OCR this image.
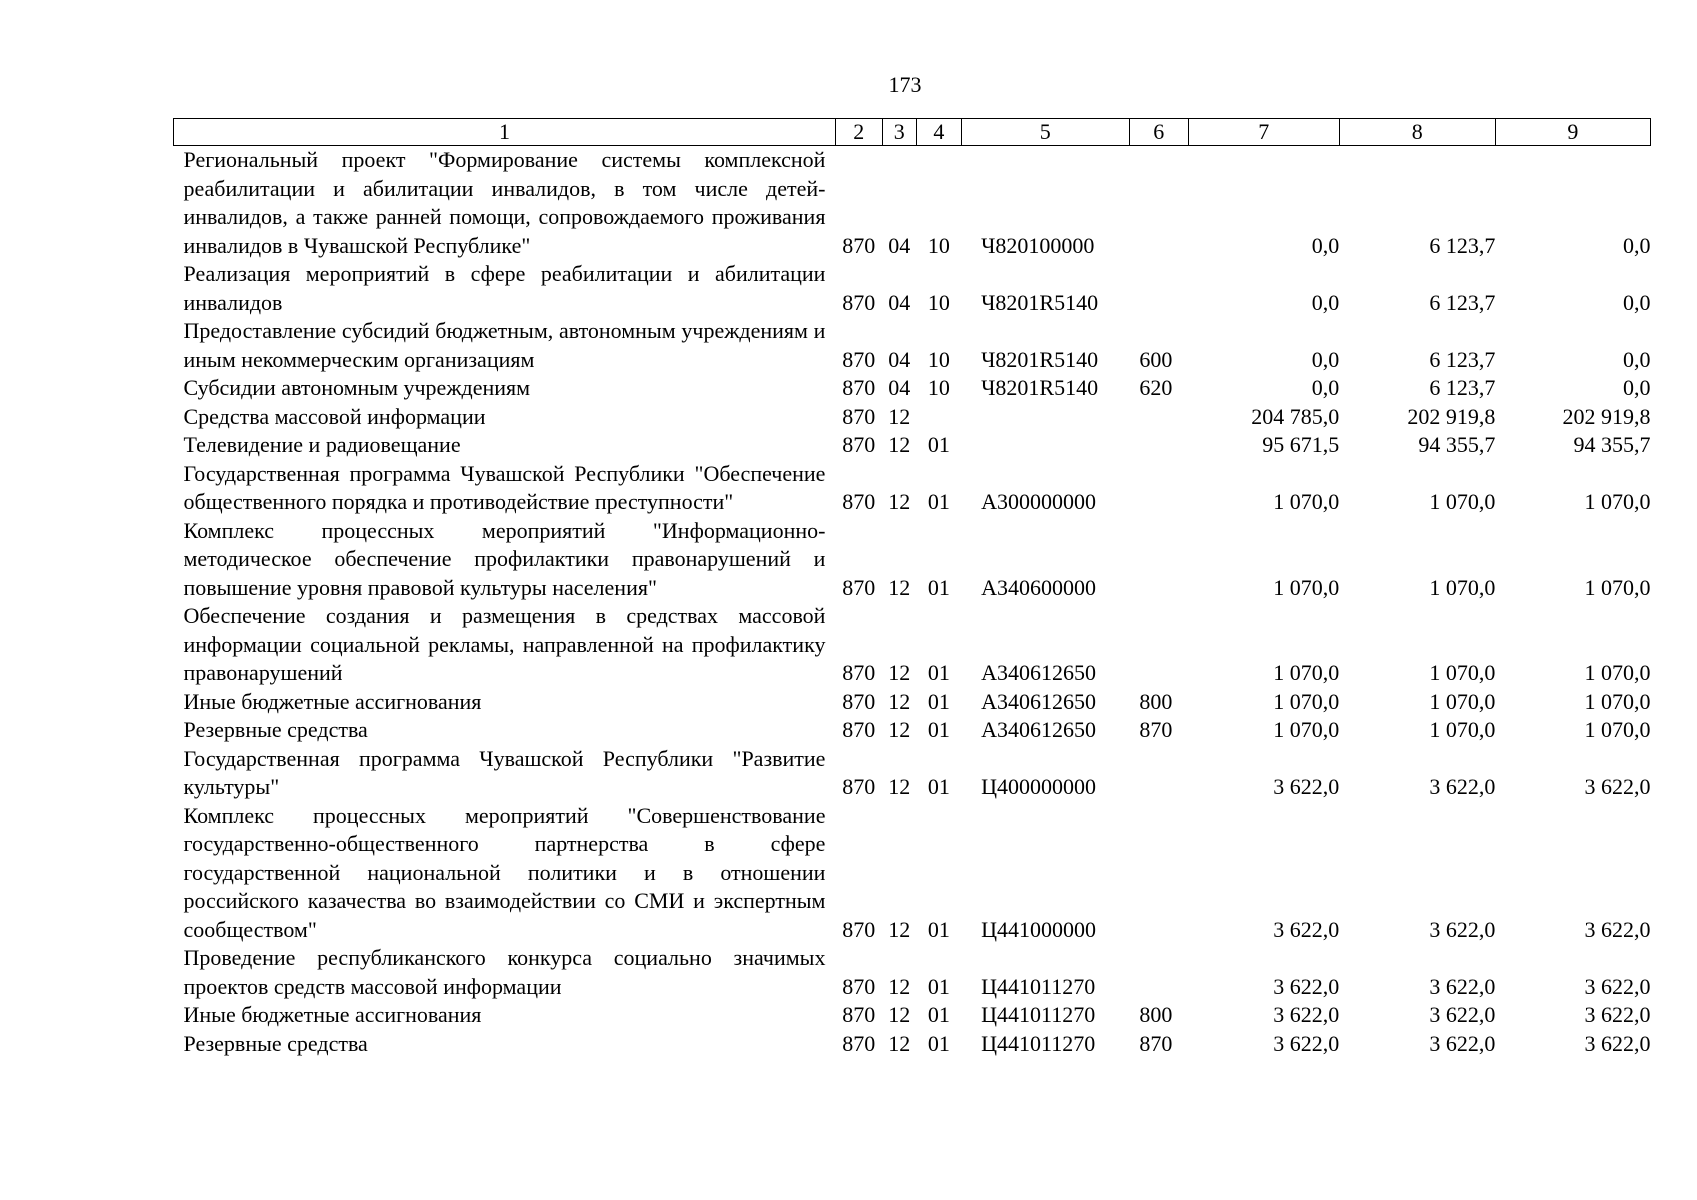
173
1	2	3	4	5	6	7	8	9
Региональный проект "Формирование системы комплексной реабилитации и абилитации инвалидов, в том числе детей-инвалидов, а также ранней помощи, сопровождаемого проживания инвалидов в Чувашской Республике"	870	04	10	Ч820100000		0,0	6 123,7	0,0
Реализация мероприятий в сфере реабилитации и абилитации инвалидов	870	04	10	Ч8201R5140		0,0	6 123,7	0,0
Предоставление субсидий бюджетным, автономным учреждениям и иным некоммерческим организациям	870	04	10	Ч8201R5140	600	0,0	6 123,7	0,0
Субсидии автономным учреждениям	870	04	10	Ч8201R5140	620	0,0	6 123,7	0,0
Средства массовой информации	870	12				204 785,0	202 919,8	202 919,8
Телевидение и радиовещание	870	12	01			95 671,5	94 355,7	94 355,7
Государственная программа Чувашской Республики "Обеспечение общественного порядка и противодействие преступности"	870	12	01	А300000000		1 070,0	1 070,0	1 070,0
Комплекс процессных мероприятий "Информационно-методическое обеспечение профилактики правонарушений и повышение уровня правовой культуры населения"	870	12	01	А340600000		1 070,0	1 070,0	1 070,0
Обеспечение создания и размещения в средствах массовой информации социальной рекламы, направленной на профилактику правонарушений	870	12	01	А340612650		1 070,0	1 070,0	1 070,0
Иные бюджетные ассигнования	870	12	01	А340612650	800	1 070,0	1 070,0	1 070,0
Резервные средства	870	12	01	А340612650	870	1 070,0	1 070,0	1 070,0
Государственная программа Чувашской Республики "Развитие культуры"	870	12	01	Ц400000000		3 622,0	3 622,0	3 622,0
Комплекс процессных мероприятий "Совершенствование государственно-общественного партнерства в сфере государственной национальной политики и в отношении российского казачества во взаимодействии со СМИ и экспертным сообществом"	870	12	01	Ц441000000		3 622,0	3 622,0	3 622,0
Проведение республиканского конкурса социально значимых проектов средств массовой информации	870	12	01	Ц441011270		3 622,0	3 622,0	3 622,0
Иные бюджетные ассигнования	870	12	01	Ц441011270	800	3 622,0	3 622,0	3 622,0
Резервные средства	870	12	01	Ц441011270	870	3 622,0	3 622,0	3 622,0
